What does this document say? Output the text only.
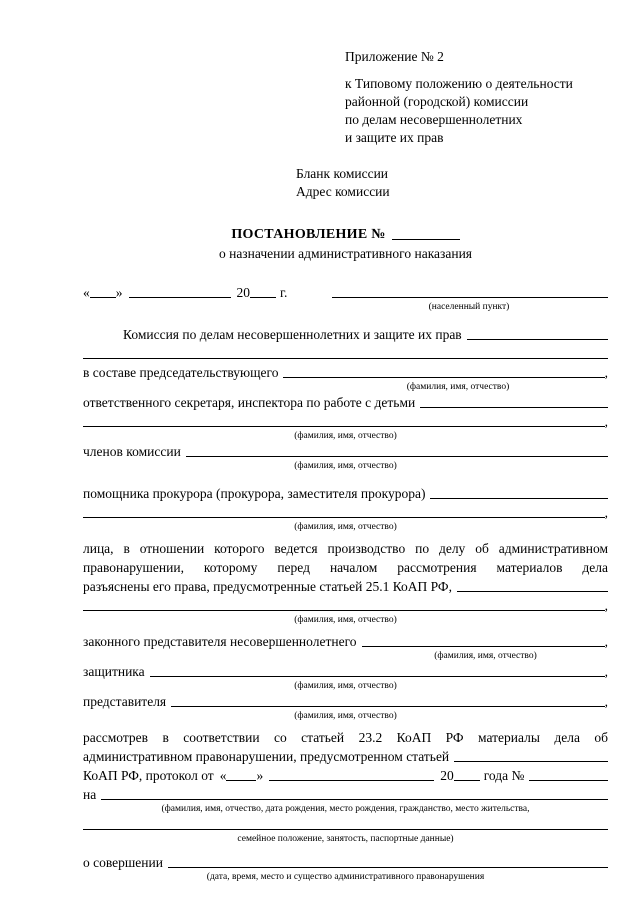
Приложение № 2
к Типовому положению о деятельности
районной (городской) комиссии
по делам несовершеннолетних
и защите их прав
Бланк комиссии
Адрес комиссии
ПОСТАНОВЛЕНИЕ №
о назначении административного наказания
« »	20 г.
(населенный пункт)
Комиссия по делам несовершеннолетних и защите их прав
в составе председательствующего	,
(фамилия, имя, отчество)
ответственного секретаря, инспектора по работе с детьми
,
(фамилия, имя, отчество)
членов комиссии
(фамилия, имя, отчество)
помощника прокурора (прокурора, заместителя прокурора)
,
(фамилия, имя, отчество)
лица, в отношении которого ведется производство по делу об административном
правонарушении, которому перед началом рассмотрения материалов дела
разъяснены его права, предусмотренные статьей 25.1 КоАП РФ,
,
(фамилия, имя, отчество)
законного представителя несовершеннолетнего	,
(фамилия, имя, отчество)
защитника	,
(фамилия, имя, отчество)
представителя	,
(фамилия, имя, отчество)
рассмотрев в соответствии со статьей 23.2 КоАП РФ материалы дела об
административном правонарушении, предусмотренном статьей
КоАП РФ, протокол от « »	20 года №
на
(фамилия, имя, отчество, дата рождения, место рождения, гражданство, место жительства,
семейное положение, занятость, паспортные данные)
о совершении
(дата, время, место и существо административного правонарушения
